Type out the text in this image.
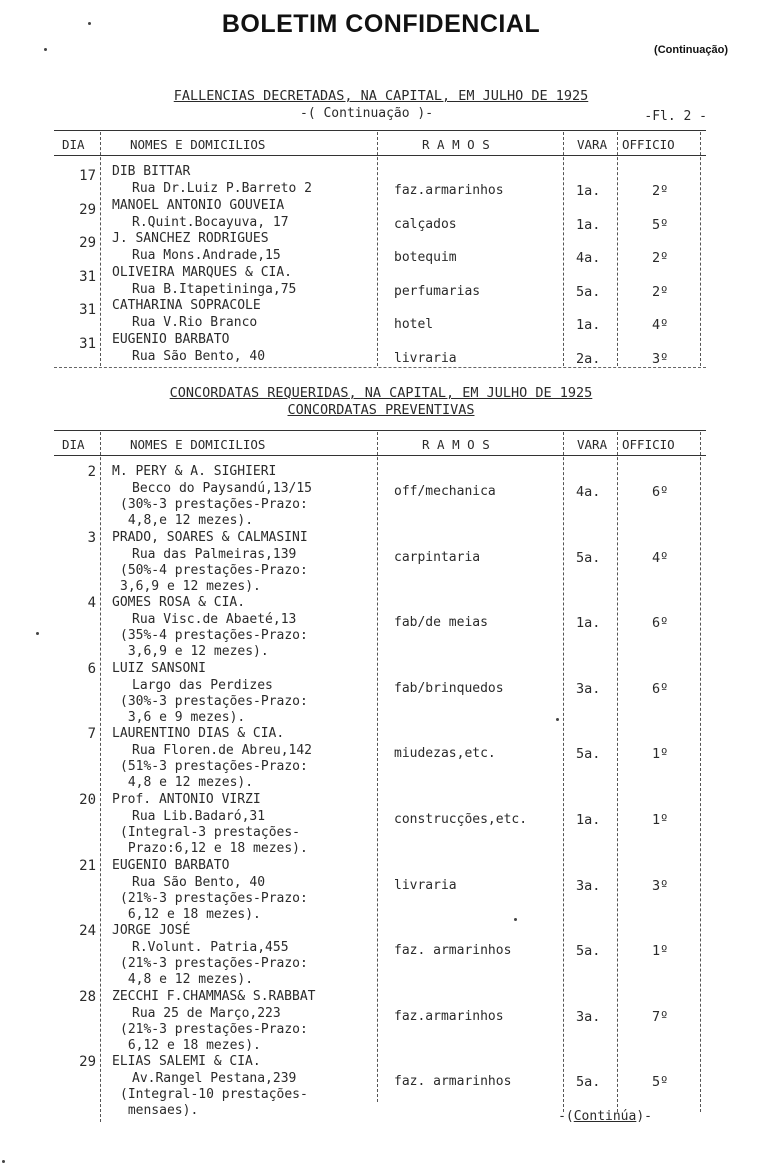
BOLETIM CONFIDENCIAL
(Continuação)
FALLENCIAS DECRETADAS, NA CAPITAL, EM JULHO DE 1925
-( Continuação )-	-Fl. 2 -
DIA	NOMES E DOMICILIOS	R A M O S	VARA OFFICIO
17 DIB BITTAR
Rua Dr.Luiz P.Barreto 2	faz.armarinhos	1a.	2º
29 MANOEL ANTONIO GOUVEIA
R.Quint.Bocayuva, 17	calçados	1a.	5º
29 J. SANCHEZ RODRIGUES
Rua Mons.Andrade,15	botequim	4a.	2º
31 OLIVEIRA MARQUES & CIA.
Rua B.Itapetininga,75	perfumarias	5a.	2º
31 CATHARINA SOPRACOLE
Rua V.Rio Branco	hotel	1a.	4º
31 EUGENIO BARBATO
Rua São Bento, 40	livraria	2a.	3º
CONCORDATAS REQUERIDAS, NA CAPITAL, EM JULHO DE 1925
CONCORDATAS PREVENTIVAS
DIA	NOMES E DOMICILIOS	R A M O S	VARA OFFICIO
2 M. PERY & A. SIGHIERI
Becco do Paysandú,13/15
(30%-3 prestações-Prazo:
4,8,e 12 mezes).
off/mechanica	4a.	6º
3 PRADO, SOARES & CALMASINI
Rua das Palmeiras,139
(50%-4 prestações-Prazo:
3,6,9 e 12 mezes).
carpintaria	5a.	4º
4 GOMES ROSA & CIA.
Rua Visc.de Abaeté,13
(35%-4 prestações-Prazo:
3,6,9 e 12 mezes).
fab/de meias	1a.	6º
6 LUIZ SANSONI
Largo das Perdizes
(30%-3 prestações-Prazo:
3,6 e 9 mezes).
fab/brinquedos	3a.	6º
7 LAURENTINO DIAS & CIA.
Rua Floren.de Abreu,142
(51%-3 prestações-Prazo:
4,8 e 12 mezes).
miudezas,etc.	5a.	1º
20 Prof. ANTONIO VIRZI
Rua Lib.Badaró,31
(Integral-3 prestações-
Prazo:6,12 e 18 mezes).
construcções,etc.	1a.	1º
21 EUGENIO BARBATO
Rua São Bento, 40
(21%-3 prestações-Prazo:
6,12 e 18 mezes).
livraria	3a.	3º
24 JORGE JOSÉ
R.Volunt. Patria,455
(21%-3 prestações-Prazo:
4,8 e 12 mezes).
faz. armarinhos	5a.	1º
28 ZECCHI F.CHAMMAS& S.RABBAT
Rua 25 de Março,223
(21%-3 prestações-Prazo:
6,12 e 18 mezes).
faz.armarinhos	3a.	7º
29 ELIAS SALEMI & CIA.
Av.Rangel Pestana,239
(Integral-10 prestações-
mensaes).
faz. armarinhos	5a.	5º
-(Continúa)-
